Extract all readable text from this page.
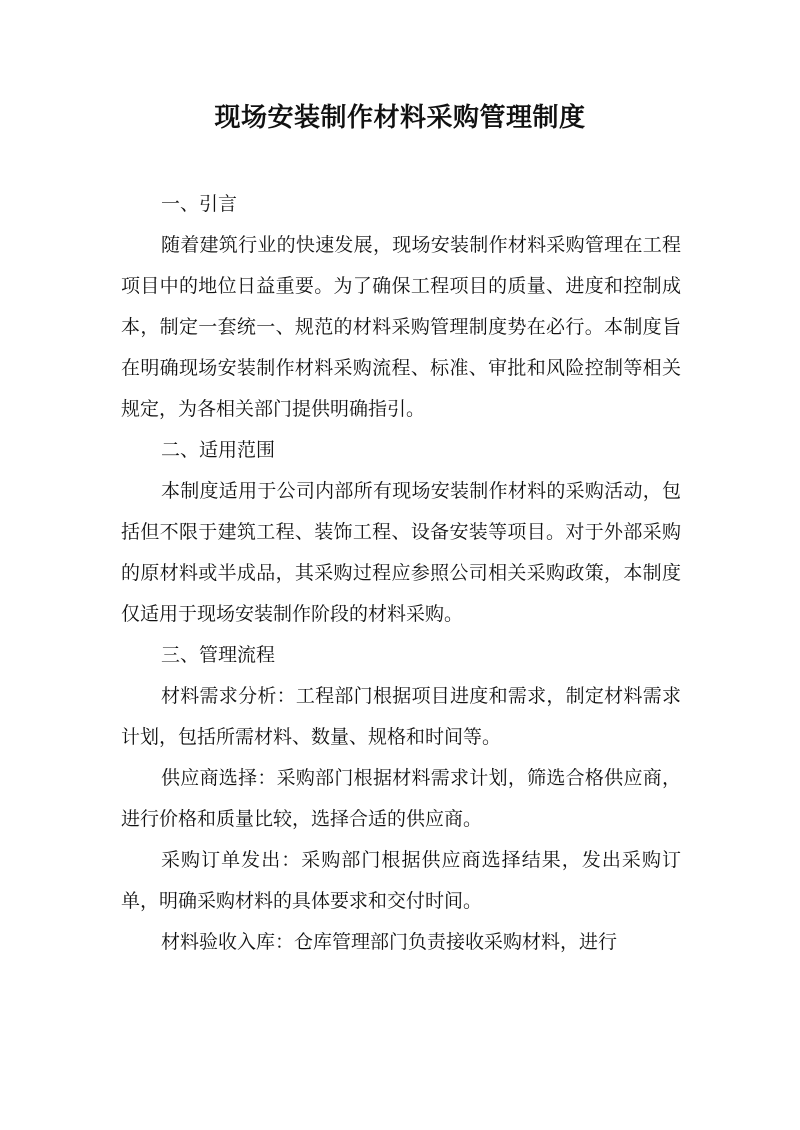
现场安装制作材料采购管理制度
一、引言

随着建筑行业的快速发展，现场安装制作材料采购管理在工程项目中的地位日益重要。为了确保工程项目的质量、进度和控制成本，制定一套统一、规范的材料采购管理制度势在必行。本制度旨在明确现场安装制作材料采购流程、标准、审批和风险控制等相关规定，为各相关部门提供明确指引。

二、适用范围

本制度适用于公司内部所有现场安装制作材料的采购活动，包括但不限于建筑工程、装饰工程、设备安装等项目。对于外部采购的原材料或半成品，其采购过程应参照公司相关采购政策，本制度仅适用于现场安装制作阶段的材料采购。

三、管理流程

材料需求分析：工程部门根据项目进度和需求，制定材料需求计划，包括所需材料、数量、规格和时间等。

供应商选择：采购部门根据材料需求计划，筛选合格供应商，进行价格和质量比较，选择合适的供应商。

采购订单发出：采购部门根据供应商选择结果，发出采购订单，明确采购材料的具体要求和交付时间。

材料验收入库：仓库管理部门负责接收采购材料，进行
